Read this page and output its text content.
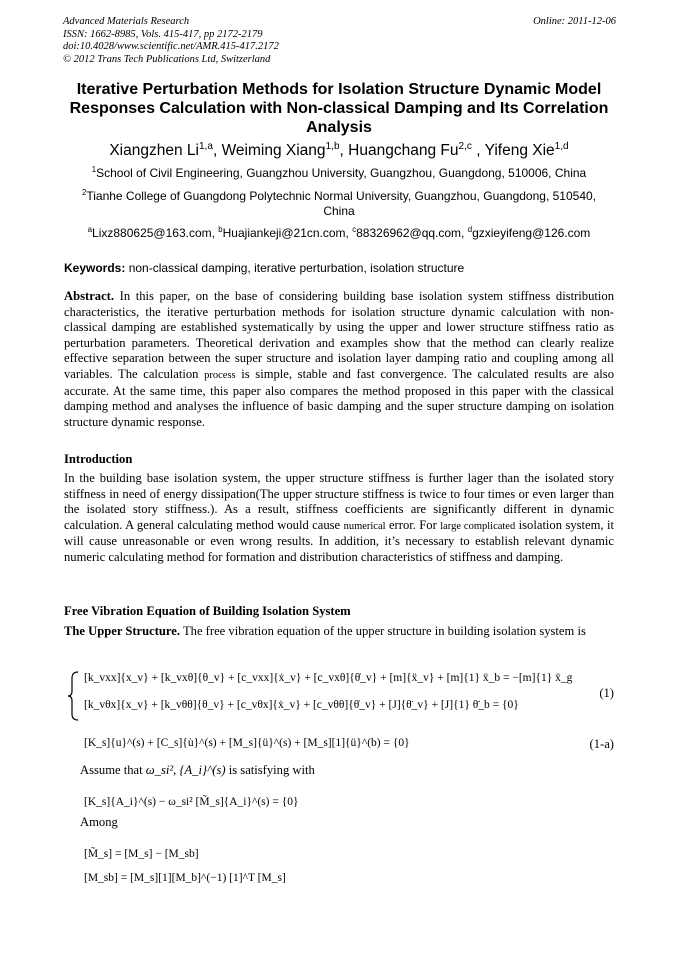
Advanced Materials Research
ISSN: 1662-8985, Vols. 415-417, pp 2172-2179
doi:10.4028/www.scientific.net/AMR.415-417.2172
© 2012 Trans Tech Publications Ltd, Switzerland
Online: 2011-12-06
Iterative Perturbation Methods for Isolation Structure Dynamic Model
Responses Calculation with Non-classical Damping and Its Correlation
Analysis
Xiangzhen Li$^{1,a}$, Weiming Xiang$^{1,b}$, Huangchang Fu$^{2,c}$ , Yifeng Xie$^{1,d}$
$^1$School of Civil Engineering, Guangzhou University, Guangzhou, Guangdong, 510006, China
$^2$Tianhe College of Guangdong Polytechnic Normal University, Guangzhou, Guangdong, 510540,
China
$^a$Lixz880625@163.com, $^b$Huajiankeji@21cn.com, $^c$88326962@qq.com, $^d$gzxieyifeng@126.com
Keywords: non-classical damping, iterative perturbation, isolation structure
Abstract. In this paper, on the base of considering building base isolation system stiffness distribution characteristics, the iterative perturbation methods for isolation structure dynamic calculation with non-classical damping are established systematically by using the upper and lower structure stiffness ratio as perturbation parameters. Theoretical derivation and examples show that the method can clearly realize effective separation between the super structure and isolation layer damping ratio and coupling among all variables. The calculation process is simple, stable and fast convergence. The calculated results are also accurate. At the same time, this paper also compares the method proposed in this paper with the classical damping method and analyses the influence of basic damping and the super structure damping on isolation structure dynamic response.
Introduction
In the building base isolation system, the upper structure stiffness is further lager than the isolated story stiffness in need of energy dissipation(The upper structure stiffness is twice to four times or even larger than the isolated story stiffness.). As a result, stiffness coefficients are significantly different in dynamic calculation. A general calculating method would cause numerical error. For large complicated isolation system, it will cause unreasonable or even wrong results. In addition, it’s necessary to establish relevant dynamic numeric calculating method for formation and distribution characteristics of stiffness and damping.
Free Vibration Equation of Building Isolation System
The Upper Structure. The free vibration equation of the upper structure in building isolation system is
[k_vxx]{x_v} + [k_vxθ]{θ_v} + [c_vxx]{ẋ_v} + [c_vxθ]{θ̇_v} + [m]{ẍ_v} + [m]{1} ẍ_b = −[m]{1} ẍ_g
[k_vθx]{x_v} + [k_vθθ]{θ_v} + [c_vθx]{ẋ_v} + [c_vθθ]{θ̇_v} + [J]{θ̈_v} + [J]{1} θ̈_b = {0}
(1)
[K_s]{u}^(s) + [C_s]{u̇}^(s) + [M_s]{ü}^(s) + [M_s][1]{ü}^(b) = {0}	(1-a)
Assume that ω_si², {A_i}^(s) is satisfying with
[K_s]{A_i}^(s) − ω_si² [M̃_s]{A_i}^(s) = {0}
Among
[M̃_s] = [M_s] − [M_sb]
[M_sb] = [M_s][1][M_b]^(−1) [1]^T [M_s]
